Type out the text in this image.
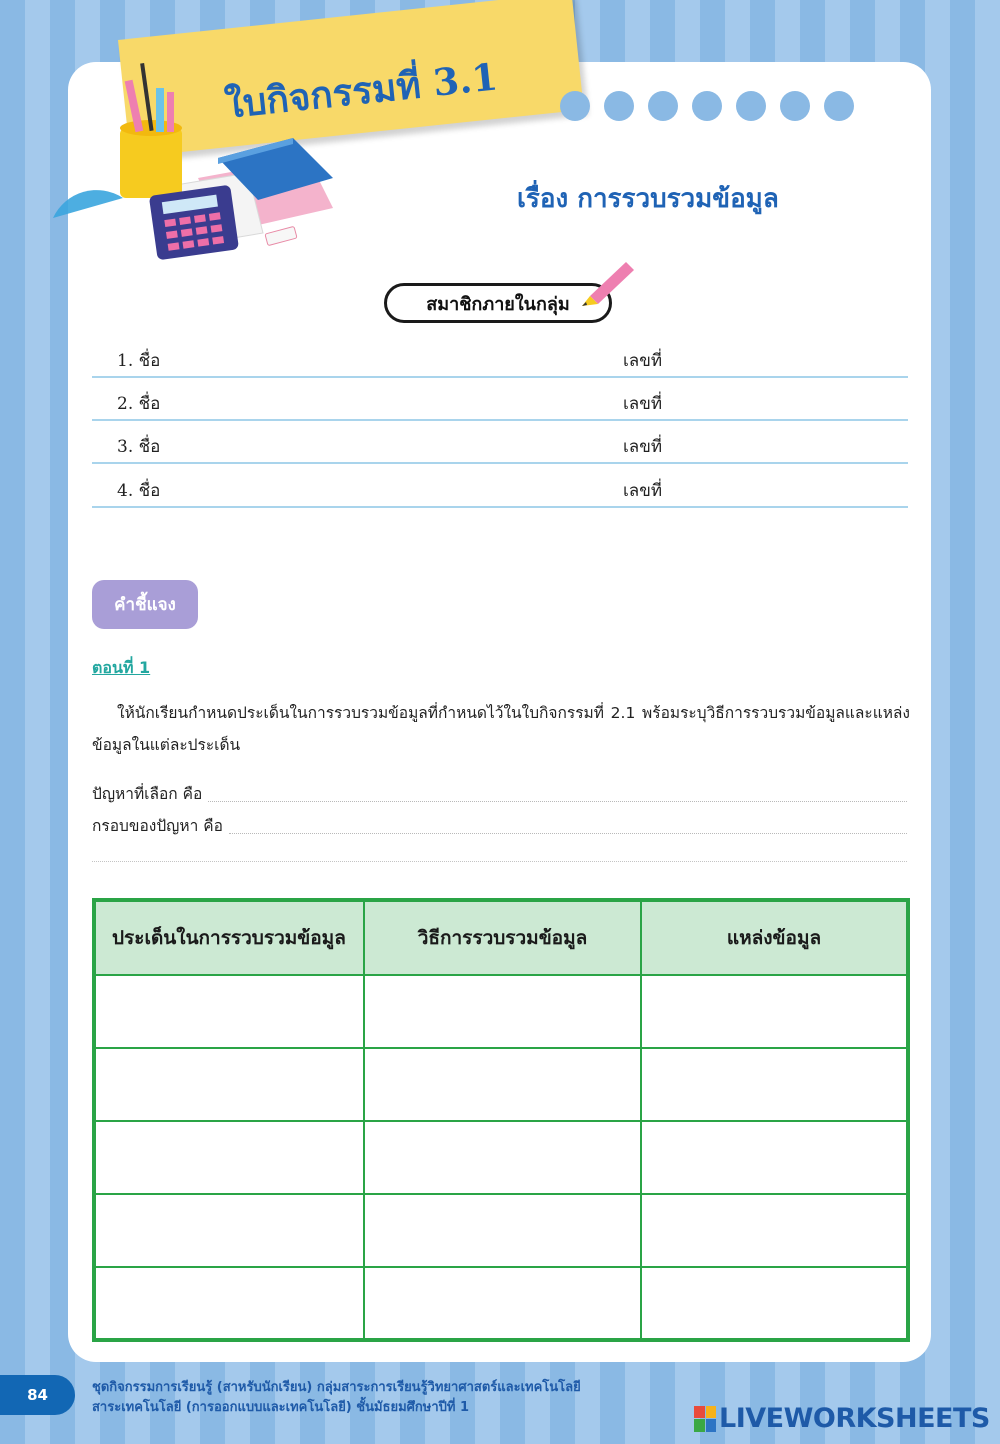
ใบกิจกรรมที่ 3.1
เรื่อง การรวบรวมข้อมูล
สมาชิกภายในกลุ่ม
1. ชื่อ	เลขที่
2. ชื่อ	เลขที่
3. ชื่อ	เลขที่
4. ชื่อ	เลขที่
คำชี้แจง
ตอนที่ 1
ให้นักเรียนกำหนดประเด็นในการรวบรวมข้อมูลที่กำหนดไว้ในใบกิจกรรมที่ 2.1 พร้อมระบุวิธีการรวบรวมข้อมูลและแหล่งข้อมูลในแต่ละประเด็น
ปัญหาที่เลือก คือ
กรอบของปัญหา คือ
ประเด็นในการรวบรวมข้อมูล	วิธีการรวบรวมข้อมูล	แหล่งข้อมูล

84	ชุดกิจกรรมการเรียนรู้ (สาหรับนักเรียน) กลุ่มสาระการเรียนรู้วิทยาศาสตร์และเทคโนโลยี
สาระเทคโนโลยี (การออกแบบและเทคโนโลยี) ชั้นมัธยมศึกษาปีที่ 1	LIVEWORKSHEETS
